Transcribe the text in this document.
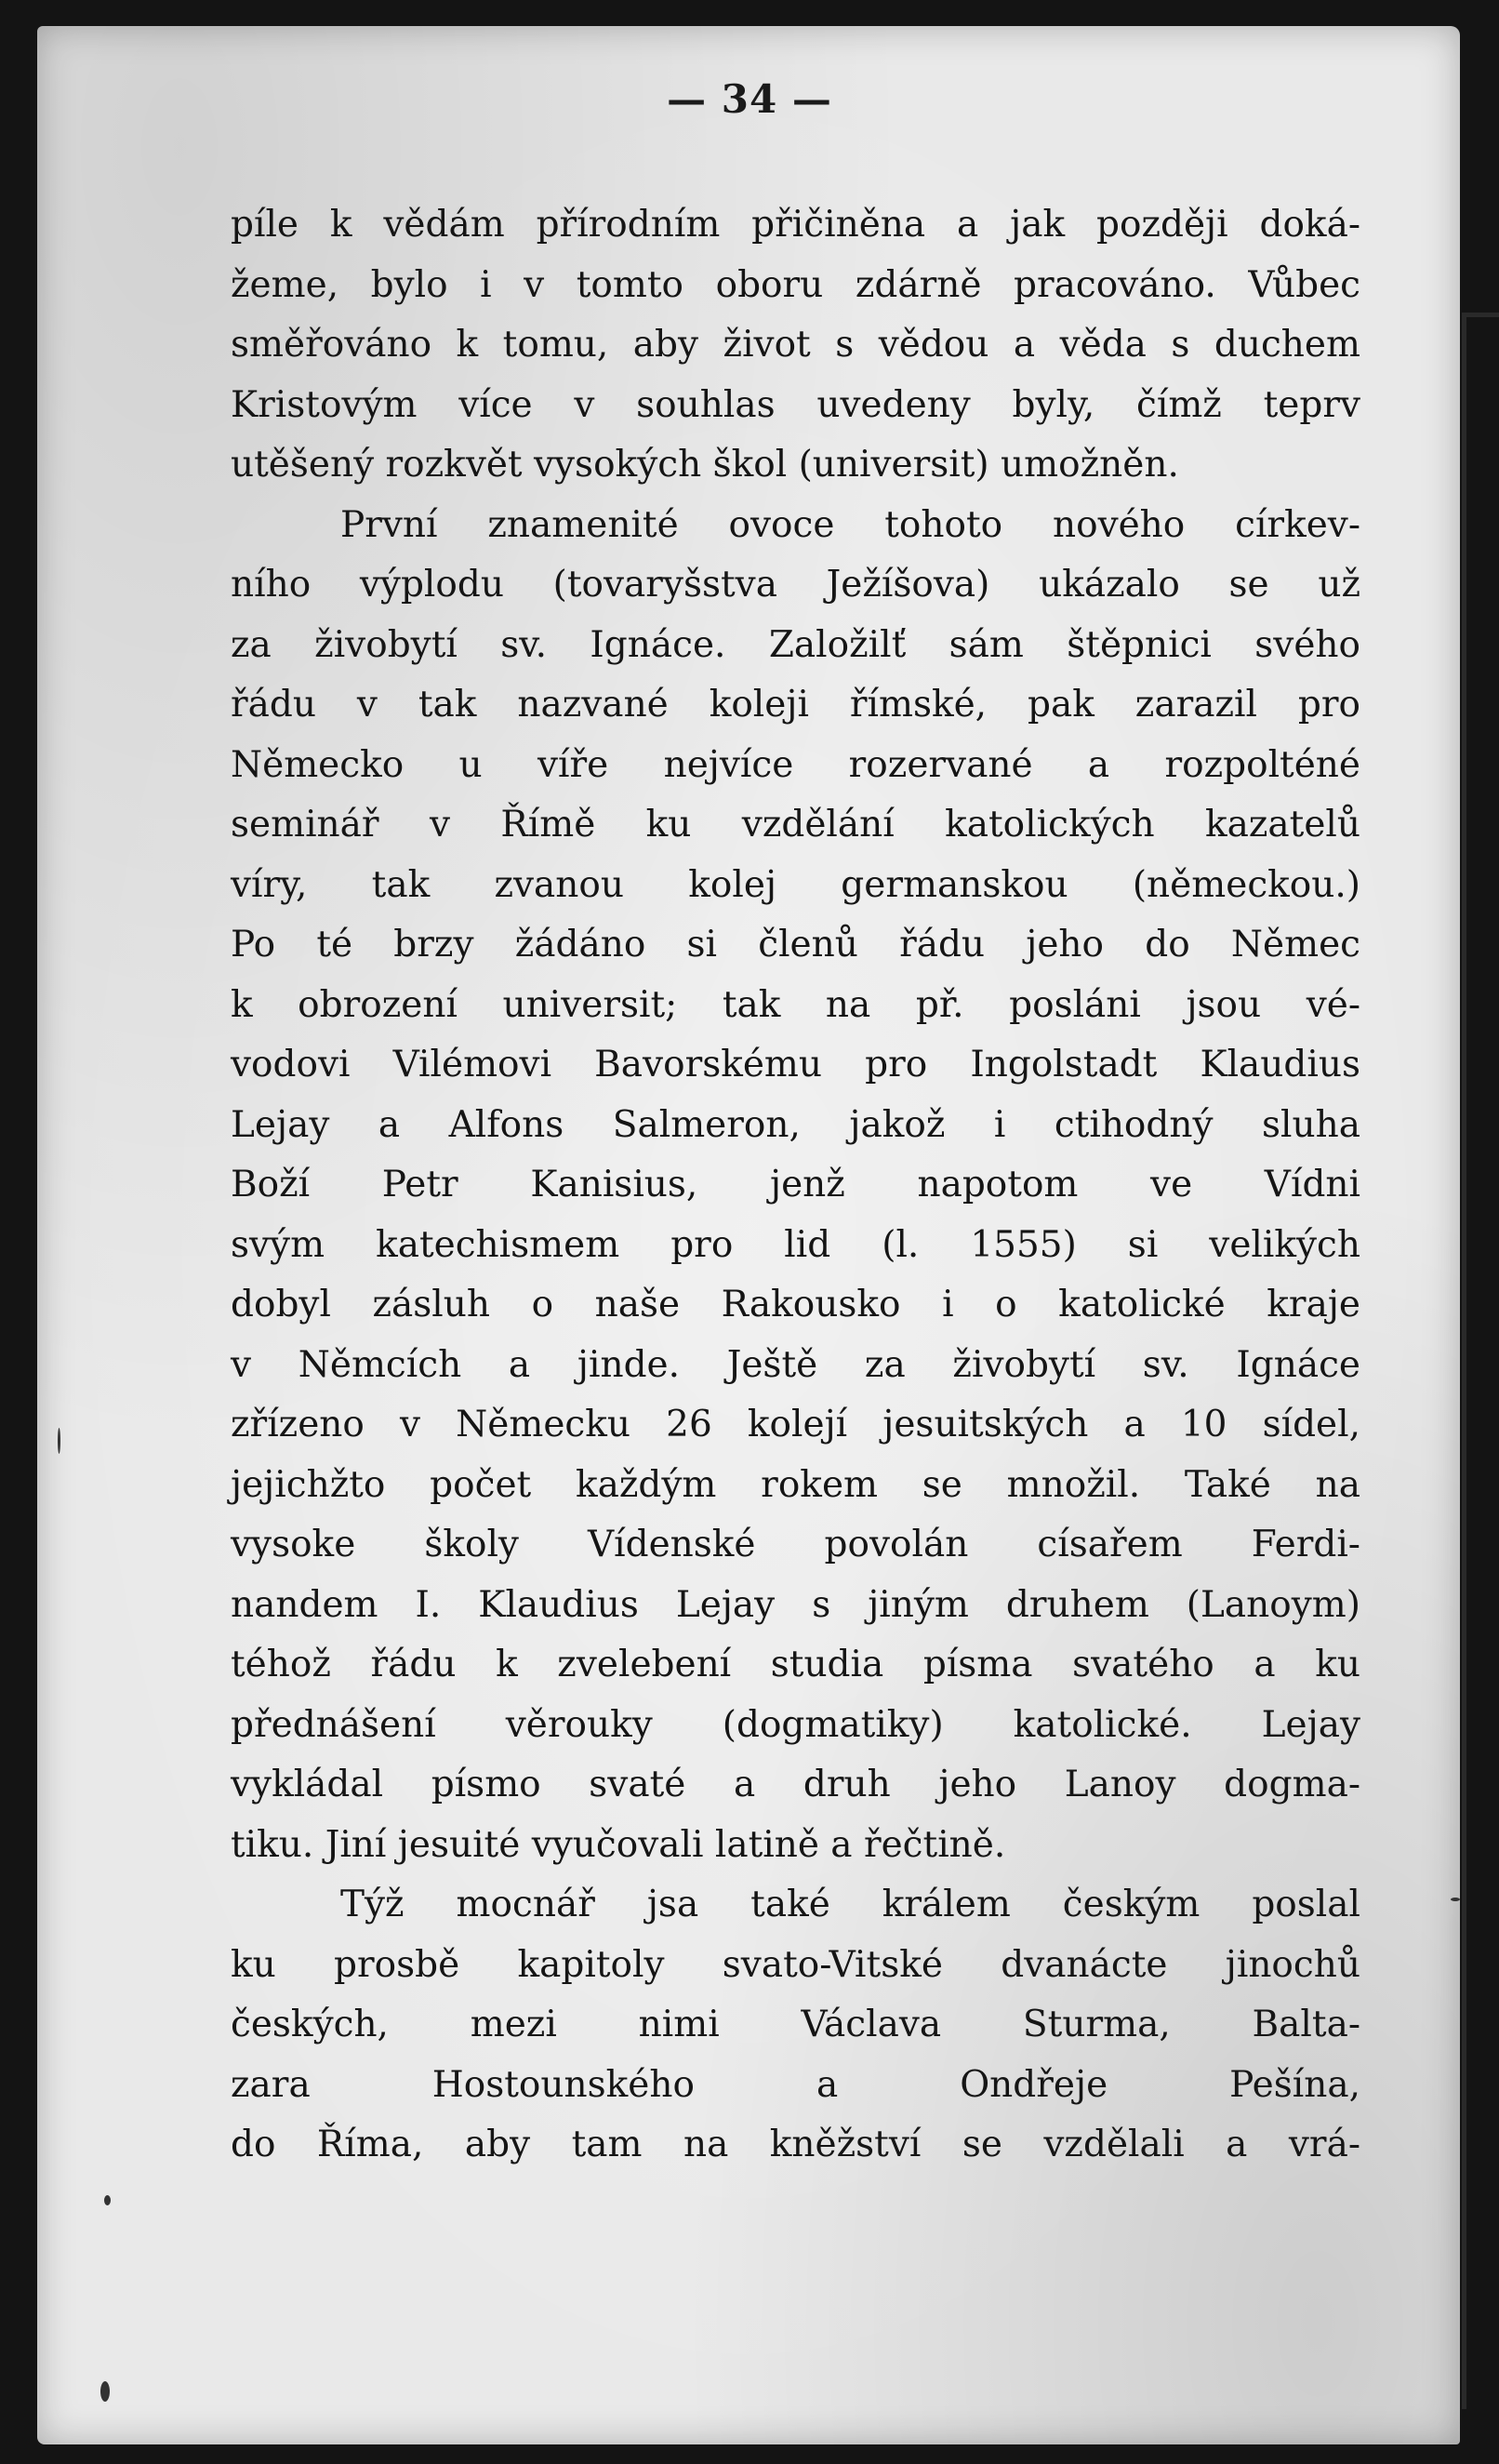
— 34 —
píle k vědám přírodním přičiněna a jak později doká-
žeme, bylo i v tomto oboru zdárně pracováno. Vůbec
směřováno k tomu, aby život s vědou a věda s duchem
Kristovým více v souhlas uvedeny byly, čímž teprv
utěšený rozkvět vysokých škol (universit) umožněn.
První znamenité ovoce tohoto nového církev-
ního výplodu (tovaryšstva Ježíšova) ukázalo se už
za živobytí sv. Ignáce. Založilť sám štěpnici svého
řádu v tak nazvané koleji římské, pak zarazil pro
Německo u víře nejvíce rozervané a rozpolténé
seminář v Římě ku vzdělání katolických kazatelů
víry, tak zvanou kolej germanskou (německou.)
Po té brzy žádáno si členů řádu jeho do Němec
k obrození universit; tak na př. posláni jsou vé-
vodovi Vilémovi Bavorskému pro Ingolstadt Klaudius
Lejay a Alfons Salmeron, jakož i ctihodný sluha
Boží Petr Kanisius, jenž napotom ve Vídni
svým katechismem pro lid (l. 1555) si velikých
dobyl zásluh o naše Rakousko i o katolické kraje
v Němcích a jinde. Ještě za živobytí sv. Ignáce
zřízeno v Německu 26 kolejí jesuitských a 10 sídel,
jejichžto počet každým rokem se množil. Také na
vysoke školy Vídenské povolán císařem Ferdi-
nandem I. Klaudius Lejay s jiným druhem (Lanoym)
téhož řádu k zvelebení studia písma svatého a ku
přednášení věrouky (dogmatiky) katolické. Lejay
vykládal písmo svaté a druh jeho Lanoy dogma-
tiku. Jiní jesuité vyučovali latině a řečtině.
Týž mocnář jsa také králem českým poslal
ku prosbě kapitoly svato-Vitské dvanácte jinochů
českých, mezi nimi Václava Sturma, Balta-
zara Hostounského a Ondřeje Pešína,
do Říma, aby tam na kněžství se vzdělali a vrá-
